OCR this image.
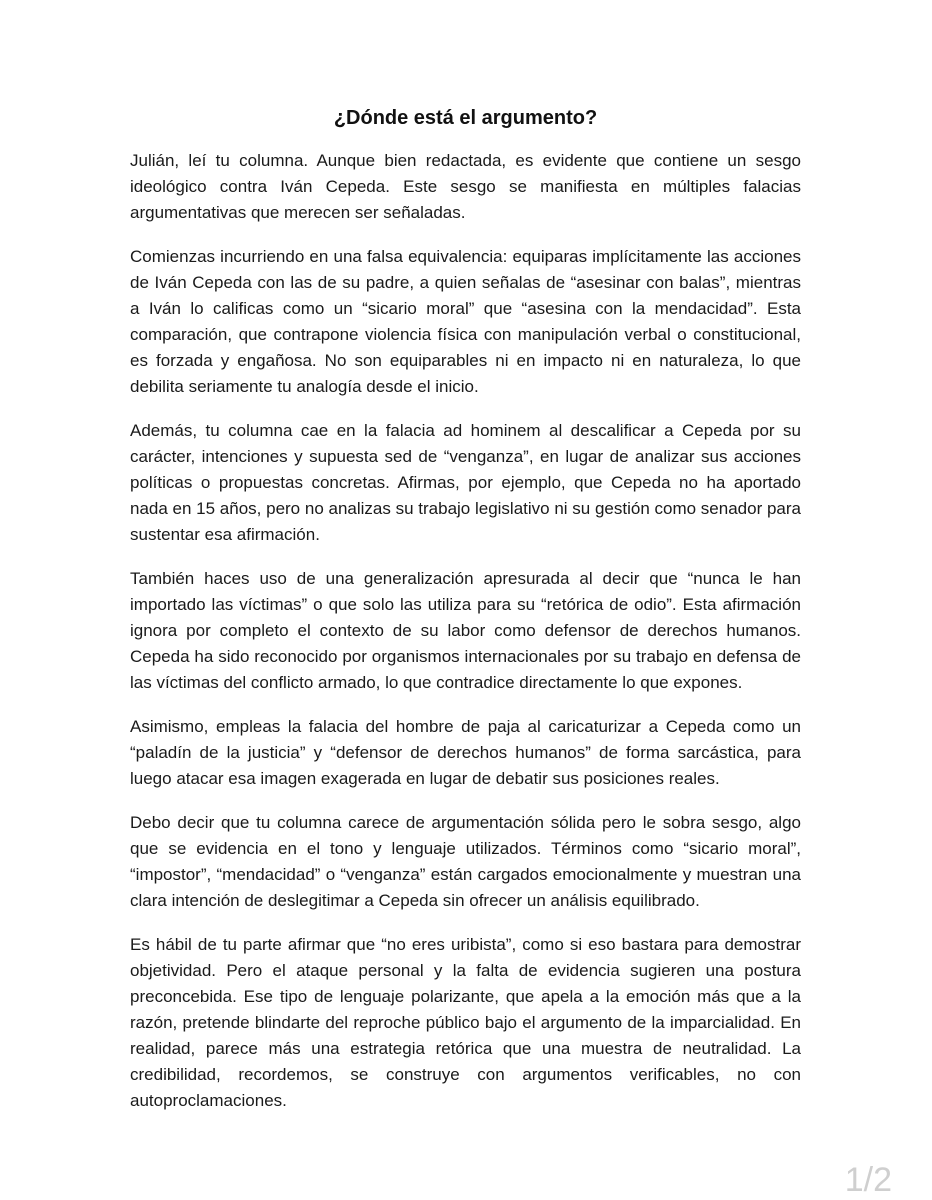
¿Dónde está el argumento?

Julián, leí tu columna. Aunque bien redactada, es evidente que contiene un sesgo ideológico contra Iván Cepeda. Este sesgo se manifiesta en múltiples falacias argumentativas que merecen ser señaladas.

Comienzas incurriendo en una falsa equivalencia: equiparas implícitamente las acciones de Iván Cepeda con las de su padre, a quien señalas de “asesinar con balas”, mientras a Iván lo calificas como un “sicario moral” que “asesina con la mendacidad”. Esta comparación, que contrapone violencia física con manipulación verbal o constitucional, es forzada y engañosa. No son equiparables ni en impacto ni en naturaleza, lo que debilita seriamente tu analogía desde el inicio.

Además, tu columna cae en la falacia ad hominem al descalificar a Cepeda por su carácter, intenciones y supuesta sed de “venganza”, en lugar de analizar sus acciones políticas o propuestas concretas. Afirmas, por ejemplo, que Cepeda no ha aportado nada en 15 años, pero no analizas su trabajo legislativo ni su gestión como senador para sustentar esa afirmación.

También haces uso de una generalización apresurada al decir que “nunca le han importado las víctimas” o que solo las utiliza para su “retórica de odio”. Esta afirmación ignora por completo el contexto de su labor como defensor de derechos humanos. Cepeda ha sido reconocido por organismos internacionales por su trabajo en defensa de las víctimas del conflicto armado, lo que contradice directamente lo que expones.

Asimismo, empleas la falacia del hombre de paja al caricaturizar a Cepeda como un “paladín de la justicia” y “defensor de derechos humanos” de forma sarcástica, para luego atacar esa imagen exagerada en lugar de debatir sus posiciones reales.

Debo decir que tu columna carece de argumentación sólida pero le sobra sesgo, algo que se evidencia en el tono y lenguaje utilizados. Términos como “sicario moral”, “impostor”, “mendacidad” o “venganza” están cargados emocionalmente y muestran una clara intención de deslegitimar a Cepeda sin ofrecer un análisis equilibrado.

Es hábil de tu parte afirmar que “no eres uribista”, como si eso bastara para demostrar objetividad. Pero el ataque personal y la falta de evidencia sugieren una postura preconcebida. Ese tipo de lenguaje polarizante, que apela a la emoción más que a la razón, pretende blindarte del reproche público bajo el argumento de la imparcialidad. En realidad, parece más una estrategia retórica que una muestra de neutralidad. La credibilidad, recordemos, se construye con argumentos verificables, no con autoproclamaciones.

1/2
